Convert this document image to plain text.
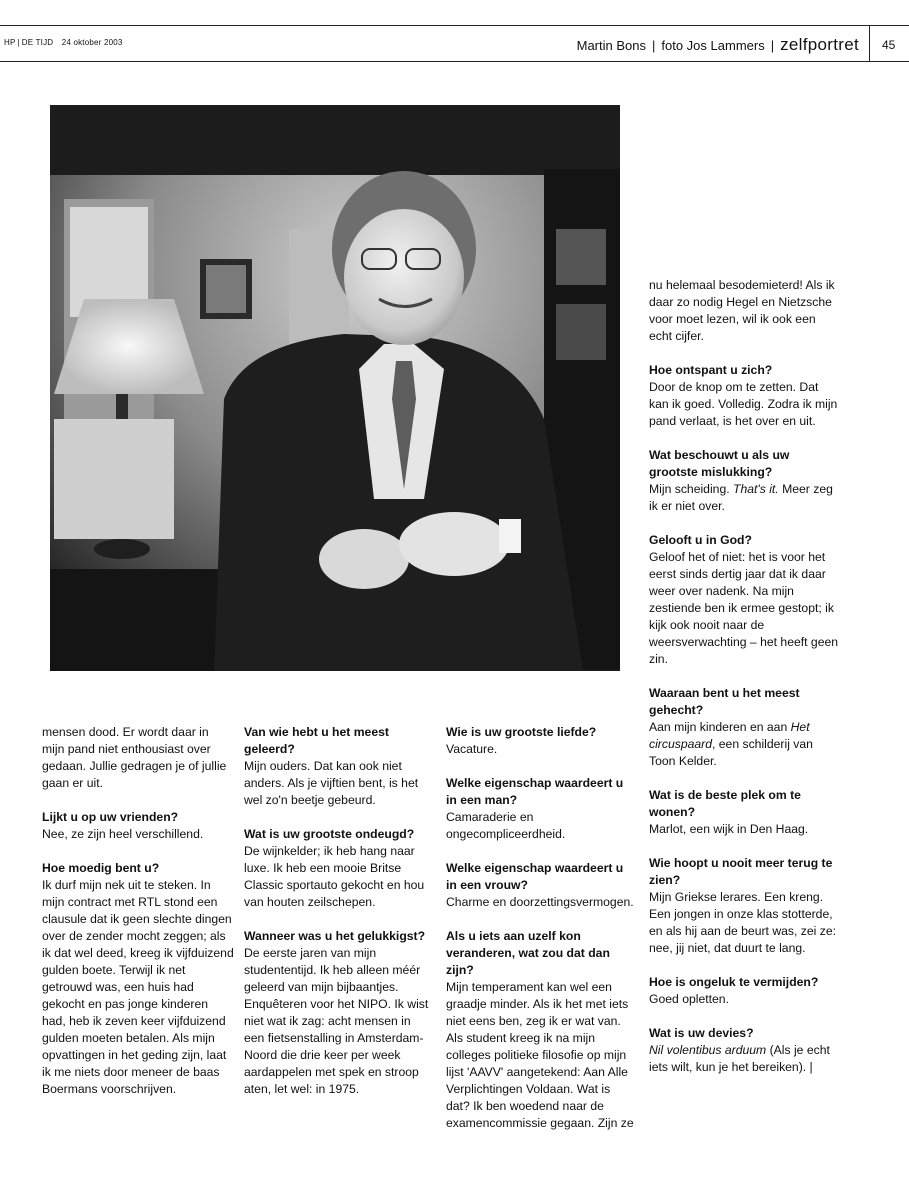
HP | DE TIJD 24 oktober 2003	Martin Bons | foto Jos Lammers | zelfportret 45

mensen dood. Er wordt daar in mijn pand niet enthousiast over gedaan. Jullie gedragen je of jullie gaan er uit.

Lijkt u op uw vrienden?

Nee, ze zijn heel verschillend.

Hoe moedig bent u?

Ik durf mijn nek uit te steken. In mijn contract met RTL stond een clausule dat ik geen slechte dingen over de zender mocht zeggen; als ik dat wel deed, kreeg ik vijfduizend gulden boete. Terwijl ik net getrouwd was, een huis had gekocht en pas jonge kinderen had, heb ik zeven keer vijfduizend gulden moeten betalen. Als mijn opvattingen in het geding zijn, laat ik me niets door meneer de baas Boermans voorschrijven.

Van wie hebt u het meest geleerd?

Mijn ouders. Dat kan ook niet anders. Als je vijftien bent, is het wel zo'n beetje gebeurd.

Wat is uw grootste ondeugd?

De wijnkelder; ik heb hang naar luxe. Ik heb een mooie Britse Classic sportauto gekocht en hou van houten zeilschepen.

Wanneer was u het gelukkigst?

De eerste jaren van mijn studententijd. Ik heb alleen méér geleerd van mijn bijbaantjes. Enquêteren voor het NIPO. Ik wist niet wat ik zag: acht mensen in een fietsenstalling in Amsterdam-Noord die drie keer per week aardappelen met spek en stroop aten, let wel: in 1975.

Wie is uw grootste liefde?

Vacature.

Welke eigenschap waardeert u in een man?

Camaraderie en ongecompliceerdheid.

Welke eigenschap waardeert u in een vrouw?

Charme en doorzettingsvermogen.

Als u iets aan uzelf kon veranderen, wat zou dat dan zijn?

Mijn temperament kan wel een graadje minder. Als ik het met iets niet eens ben, zeg ik er wat van. Als student kreeg ik na mijn colleges politieke filosofie op mijn lijst 'AAVV' aangetekend: Aan Alle Verplichtingen Voldaan. Wat is dat? Ik ben woedend naar de examencommissie gegaan. Zijn ze

nu helemaal besodemieterd! Als ik daar zo nodig Hegel en Nietzsche voor moet lezen, wil ik ook een echt cijfer.

Hoe ontspant u zich?

Door de knop om te zetten. Dat kan ik goed. Volledig. Zodra ik mijn pand verlaat, is het over en uit.

Wat beschouwt u als uw grootste mislukking?

Mijn scheiding. That's it. Meer zeg ik er niet over.

Gelooft u in God?

Geloof het of niet: het is voor het eerst sinds dertig jaar dat ik daar weer over nadenk. Na mijn zestiende ben ik ermee gestopt; ik kijk ook nooit naar de weersverwachting – het heeft geen zin.

Waaraan bent u het meest gehecht?

Aan mijn kinderen en aan Het circuspaard, een schilderij van Toon Kelder.

Wat is de beste plek om te wonen?

Marlot, een wijk in Den Haag.

Wie hoopt u nooit meer terug te zien?

Mijn Griekse lerares. Een kreng. Een jongen in onze klas stotterde, en als hij aan de beurt was, zei ze: nee, jij niet, dat duurt te lang.

Hoe is ongeluk te vermijden?

Goed opletten.

Wat is uw devies?

Nil volentibus arduum (Als je echt iets wilt, kun je het bereiken). |
